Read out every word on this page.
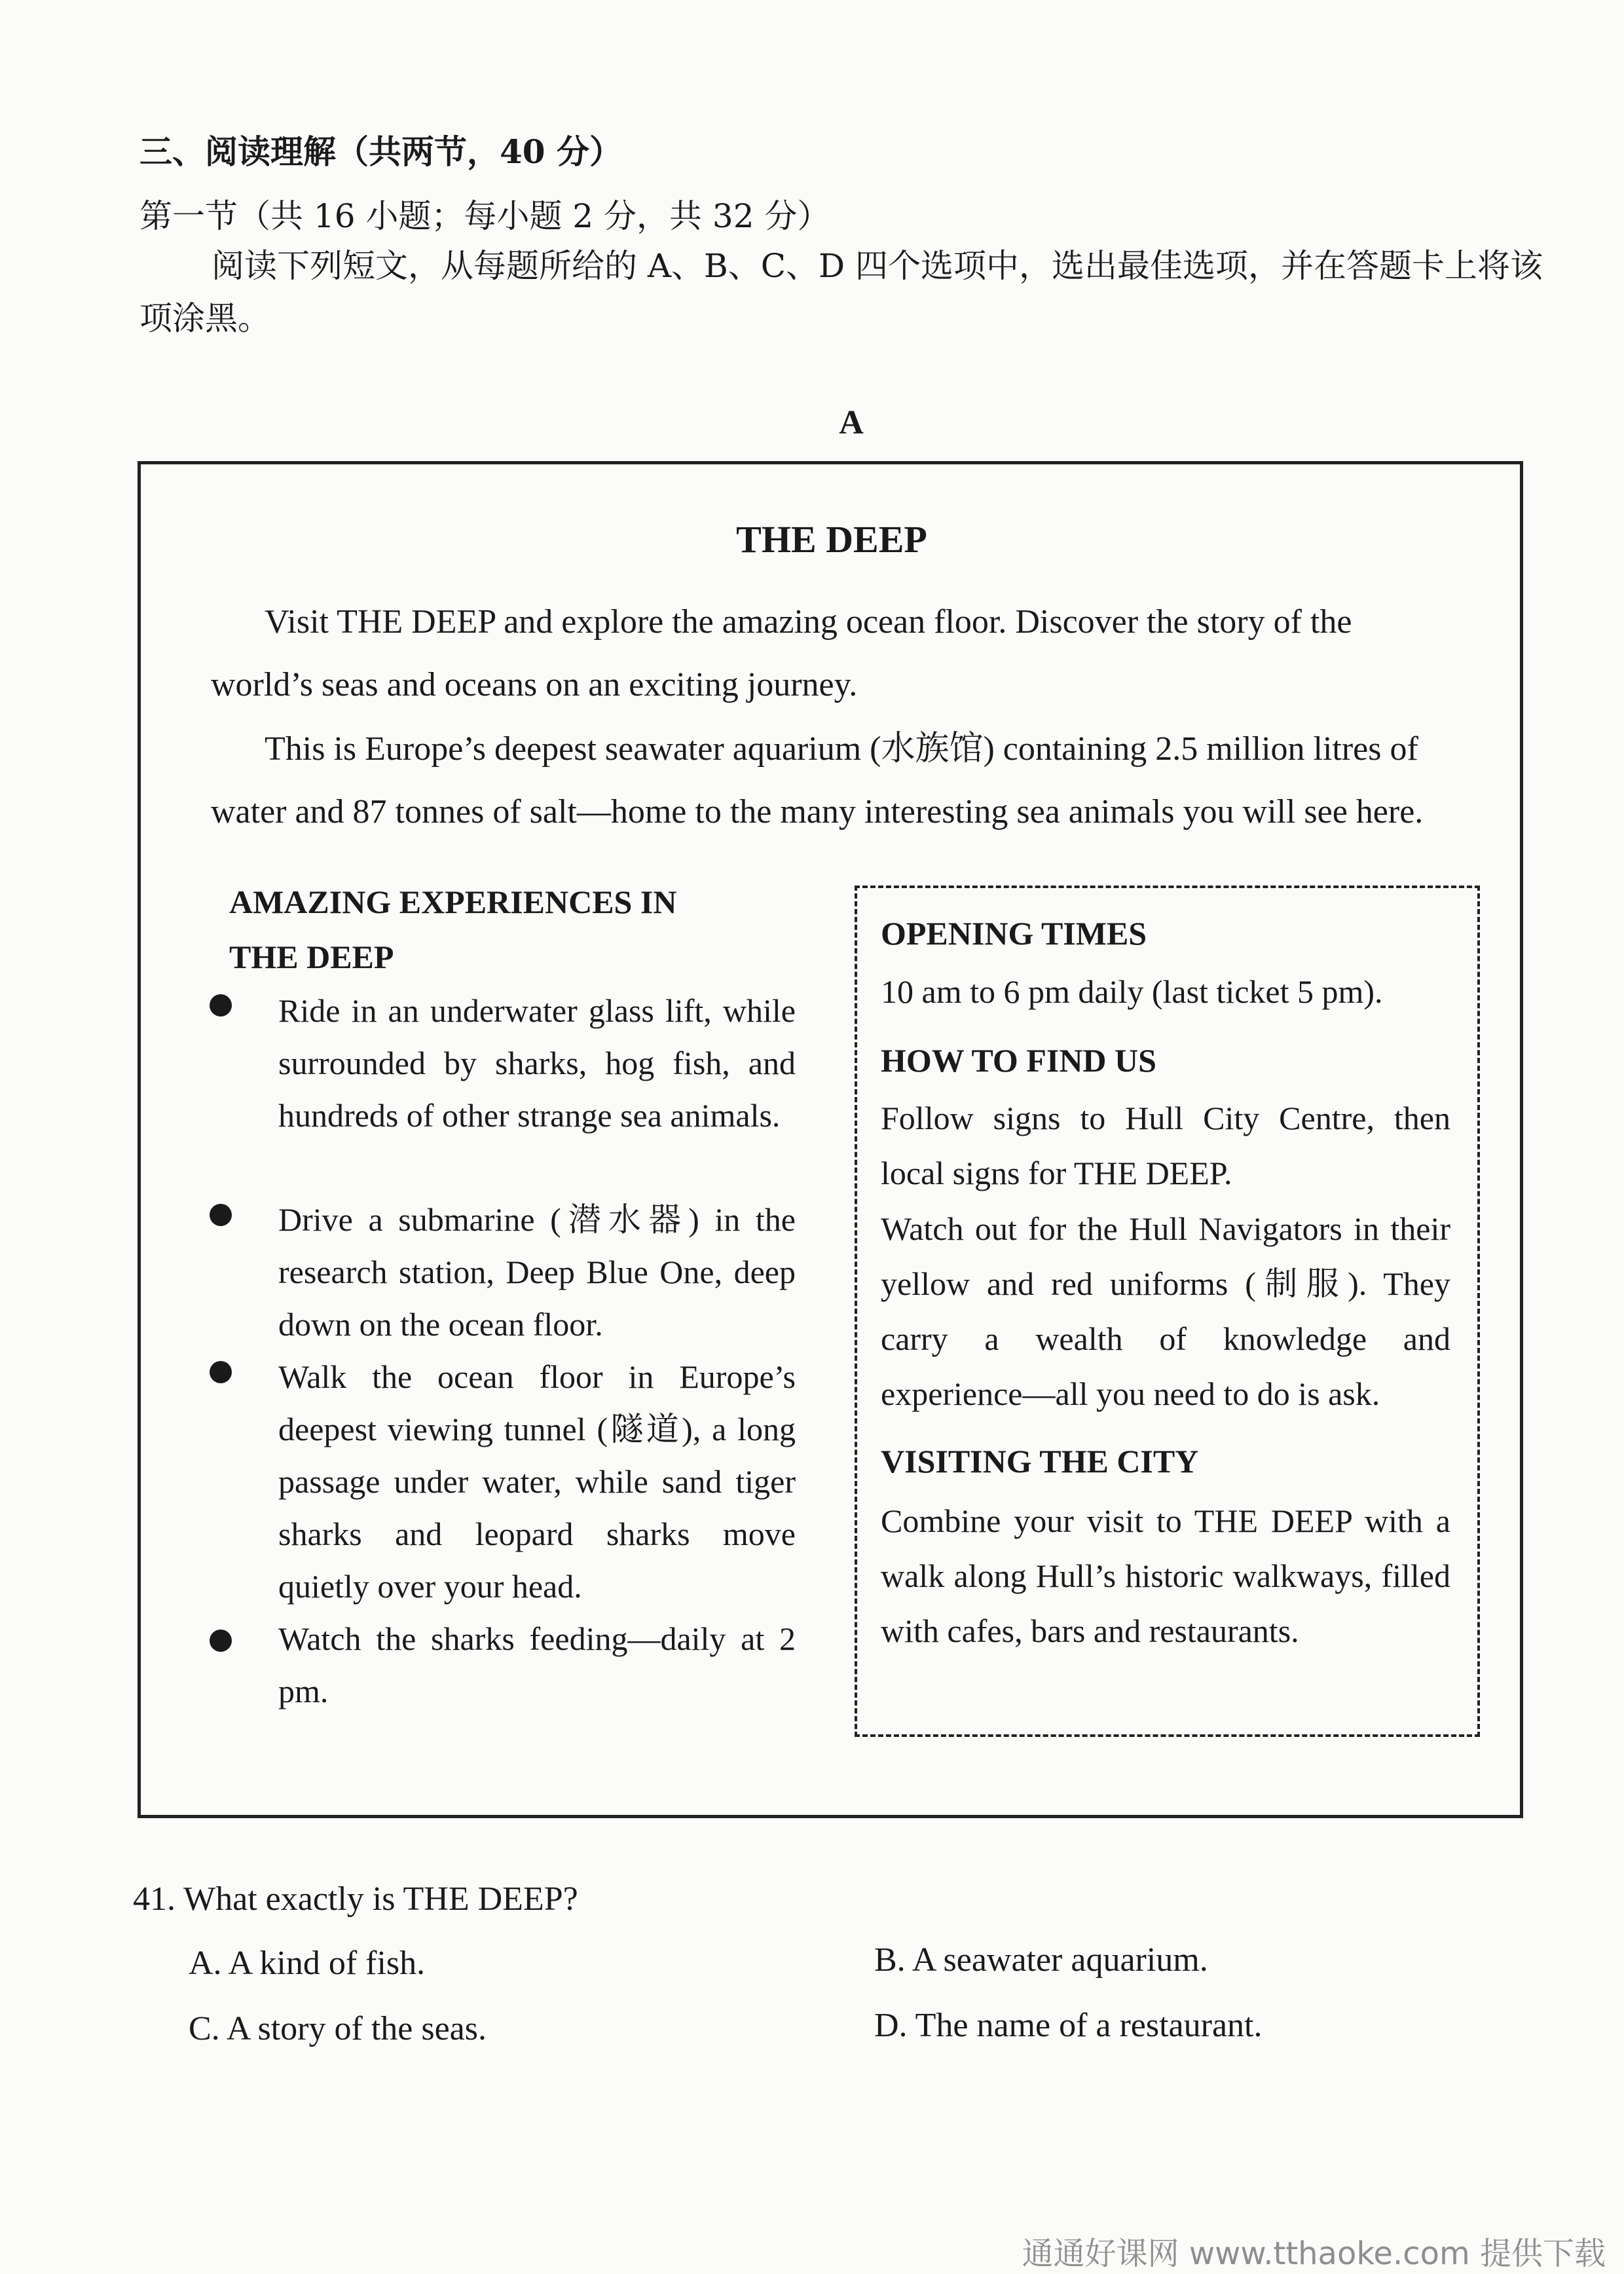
三、阅读理解（共两节，40 分）
第一节（共 16 小题；每小题 2 分，共 32 分）
阅读下列短文，从每题所给的 A、B、C、D 四个选项中，选出最佳选项，并在答题卡上将该项涂黑。
A
THE DEEP
Visit THE DEEP and explore the amazing ocean floor. Discover the story of the world’s seas and oceans on an exciting journey.
This is Europe’s deepest seawater aquarium (水族馆) containing 2.5 million litres of water and 87 tonnes of salt—home to the many interesting sea animals you will see here.
AMAZING EXPERIENCES IN
THE DEEP
Ride in an underwater glass lift, while surrounded by sharks, hog fish, and hundreds of other strange sea animals.
Drive a submarine (潜水器) in the research station, Deep Blue One, deep down on the ocean floor.
Walk the ocean floor in Europe’s deepest viewing tunnel (隧道), a long passage under water, while sand tiger sharks and leopard sharks move quietly over your head.
Watch the sharks feeding—daily at 2 pm.
OPENING TIMES
10 am to 6 pm daily (last ticket 5 pm).
HOW TO FIND US
Follow signs to Hull City Centre, then local signs for THE DEEP.
Watch out for the Hull Navigators in their yellow and red uniforms (制服). They carry a wealth of knowledge and experience—all you need to do is ask.
VISITING THE CITY
Combine your visit to THE DEEP with a walk along Hull’s historic walkways, filled with cafes, bars and restaurants.
41. What exactly is THE DEEP?
A. A kind of fish.	B. A seawater aquarium.
C. A story of the seas.	D. The name of a restaurant.
通通好课网 www.tthaoke.com 提供下载
